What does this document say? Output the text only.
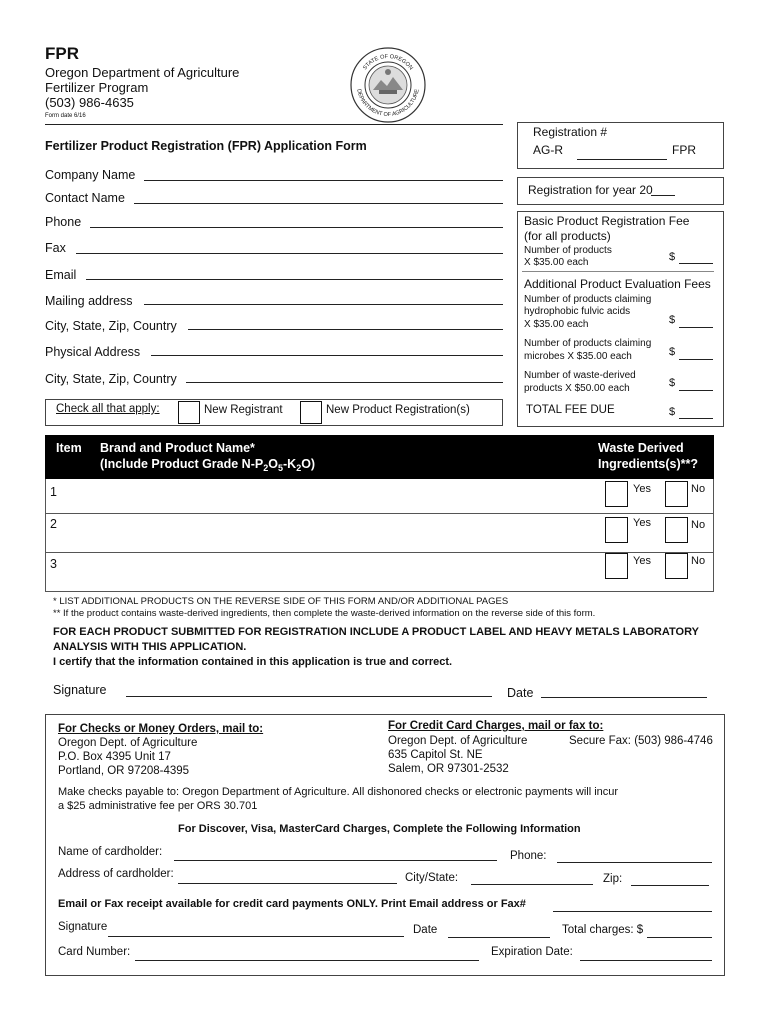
FPR
Oregon Department of Agriculture
Fertilizer Program
(503) 986-4635
Form date 6/16
STATE OF OREGON
DEPARTMENT OF AGRICULTURE
Fertilizer Product Registration (FPR) Application Form
Registration #
AG-R	FPR
Registration for year 20
Company Name
Contact Name
Phone
Fax
Email
Mailing address
City, State, Zip, Country
Physical Address
City, State, Zip, Country
Check all that apply:	New Registrant	New Product Registration(s)
Basic Product Registration Fee
(for all products)
Number of products
X $35.00 each	$
Additional Product Evaluation Fees
Number of products claiming
hydrophobic fulvic acids
X $35.00 each	$
Number of products claiming
microbes X $35.00 each	$
Number of waste-derived
products X $50.00 each	$
TOTAL FEE DUE	$
Item Brand and Product Name*
(Include Product Grade $N-P_2O_5-K_2O$)
Waste Derived
Ingredients(s)**?
1	Yes	No
2	Yes	No
3	Yes	No
* LIST ADDITIONAL PRODUCTS ON THE REVERSE SIDE OF THIS FORM AND/OR ADDITIONAL PAGES
** If the product contains waste-derived ingredients, then complete the waste-derived information on the reverse side of this form.
FOR EACH PRODUCT SUBMITTED FOR REGISTRATION INCLUDE A PRODUCT LABEL AND HEAVY METALS LABORATORY
ANALYSIS WITH THIS APPLICATION.
I certify that the information contained in this application is true and correct.
Signature	Date
For Checks or Money Orders, mail to:
Oregon Dept. of Agriculture
P.O. Box 4395 Unit 17
Portland, OR 97208-4395
For Credit Card Charges, mail or fax to:
Oregon Dept. of Agriculture
635 Capitol St. NE
Salem, OR 97301-2532
Secure Fax: (503) 986-4746
Make checks payable to: Oregon Department of Agriculture. All dishonored checks or electronic payments will incur
a $25 administrative fee per ORS 30.701
For Discover, Visa, MasterCard Charges, Complete the Following Information
Name of cardholder:	Phone:
Address of cardholder:	City/State:	Zip:
Email or Fax receipt available for credit card payments ONLY. Print Email address or Fax#
Signature	Date	Total charges: $
Card Number:	Expiration Date:
